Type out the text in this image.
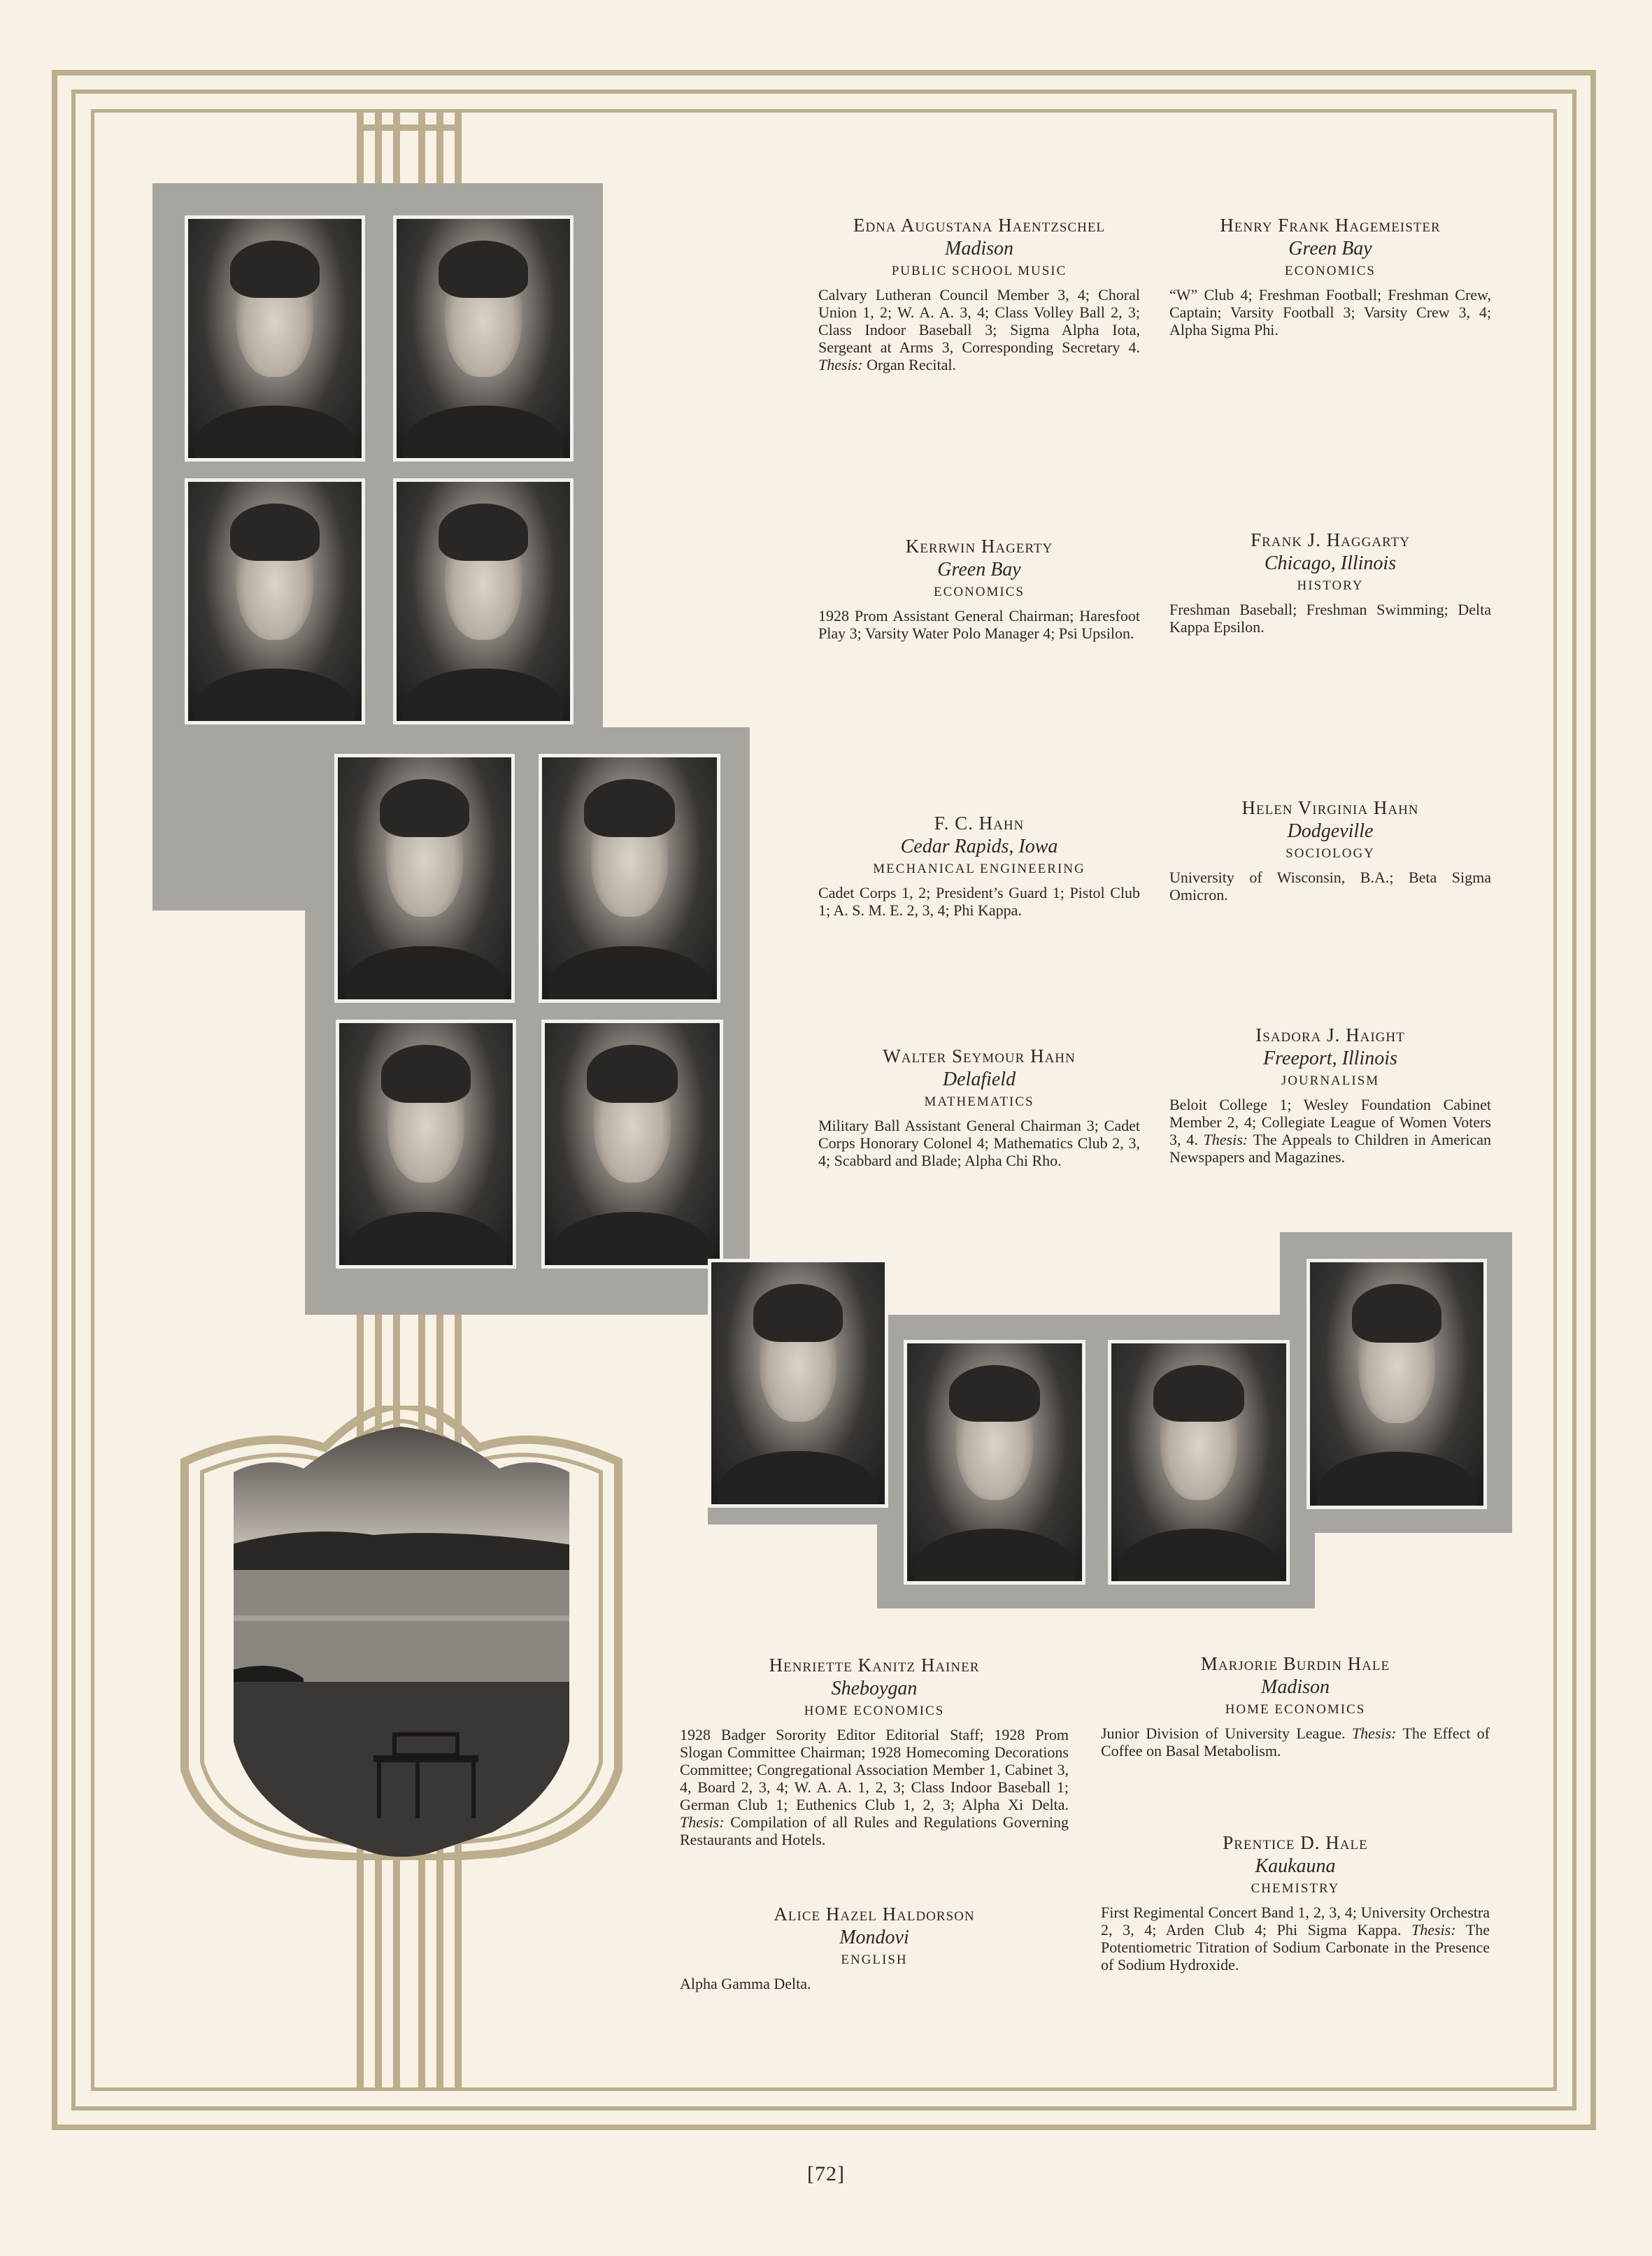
Edna Augustana Haentzschel
Madison
PUBLIC SCHOOL MUSIC
Calvary Lutheran Council Member 3, 4; Choral Union 1, 2; W. A. A. 3, 4; Class Volley Ball 2, 3; Class Indoor Baseball 3; Sigma Alpha Iota, Sergeant at Arms 3, Corresponding Secretary 4. Thesis: Organ Recital.
Henry Frank Hagemeister
Green Bay
ECONOMICS
“W” Club 4; Freshman Football; Freshman Crew, Captain; Varsity Football 3; Varsity Crew 3, 4; Alpha Sigma Phi.
Kerrwin Hagerty
Green Bay
ECONOMICS
1928 Prom Assistant General Chairman; Haresfoot Play 3; Varsity Water Polo Manager 4; Psi Upsilon.
Frank J. Haggarty
Chicago, Illinois
HISTORY
Freshman Baseball; Freshman Swimming; Delta Kappa Epsilon.
F. C. Hahn
Cedar Rapids, Iowa
MECHANICAL ENGINEERING
Cadet Corps 1, 2; President’s Guard 1; Pistol Club 1; A. S. M. E. 2, 3, 4; Phi Kappa.
Helen Virginia Hahn
Dodgeville
SOCIOLOGY
University of Wisconsin, B.A.; Beta Sigma Omicron.
Walter Seymour Hahn
Delafield
MATHEMATICS
Military Ball Assistant General Chairman 3; Cadet Corps Honorary Colonel 4; Mathematics Club 2, 3, 4; Scabbard and Blade; Alpha Chi Rho.
Isadora J. Haight
Freeport, Illinois
JOURNALISM
Beloit College 1; Wesley Foundation Cabinet Member 2, 4; Collegiate League of Women Voters 3, 4. Thesis: The Appeals to Children in American Newspapers and Magazines.
Henriette Kanitz Hainer
Sheboygan
HOME ECONOMICS
1928 Badger Sorority Editor Editorial Staff; 1928 Prom Slogan Committee Chairman; 1928 Homecoming Decorations Committee; Congregational Association Member 1, Cabinet 3, 4, Board 2, 3, 4; W. A. A. 1, 2, 3; Class Indoor Baseball 1; German Club 1; Euthenics Club 1, 2, 3; Alpha Xi Delta. Thesis: Compilation of all Rules and Regulations Governing Restaurants and Hotels.
Marjorie Burdin Hale
Madison
HOME ECONOMICS
Junior Division of University League. Thesis: The Effect of Coffee on Basal Metabolism.
Alice Hazel Haldorson
Mondovi
ENGLISH
Alpha Gamma Delta.
Prentice D. Hale
Kaukauna
CHEMISTRY
First Regimental Concert Band 1, 2, 3, 4; University Orchestra 2, 3, 4; Arden Club 4; Phi Sigma Kappa. Thesis: The Potentiometric Titration of Sodium Carbonate in the Presence of Sodium Hydroxide.
[72]
